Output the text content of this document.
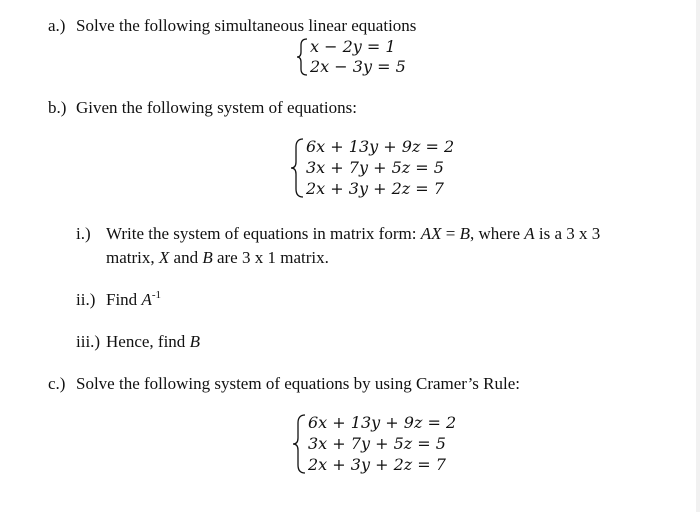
a.) Solve the following simultaneous linear equations
x − 2y = 1
2x − 3y = 5
b.) Given the following system of equations:
6x + 13y + 9z = 2
3x + 7y + 5z = 5
2x + 3y + 2z = 7
i.) Write the system of equations in matrix form: AX = B, where A is a 3 x 3
matrix, X and B are 3 x 1 matrix.
ii.) Find $A^{-1}$
iii.) Hence, find B
c.) Solve the following system of equations by using Cramer’s Rule:
6x + 13y + 9z = 2
3x + 7y + 5z = 5
2x + 3y + 2z = 7
